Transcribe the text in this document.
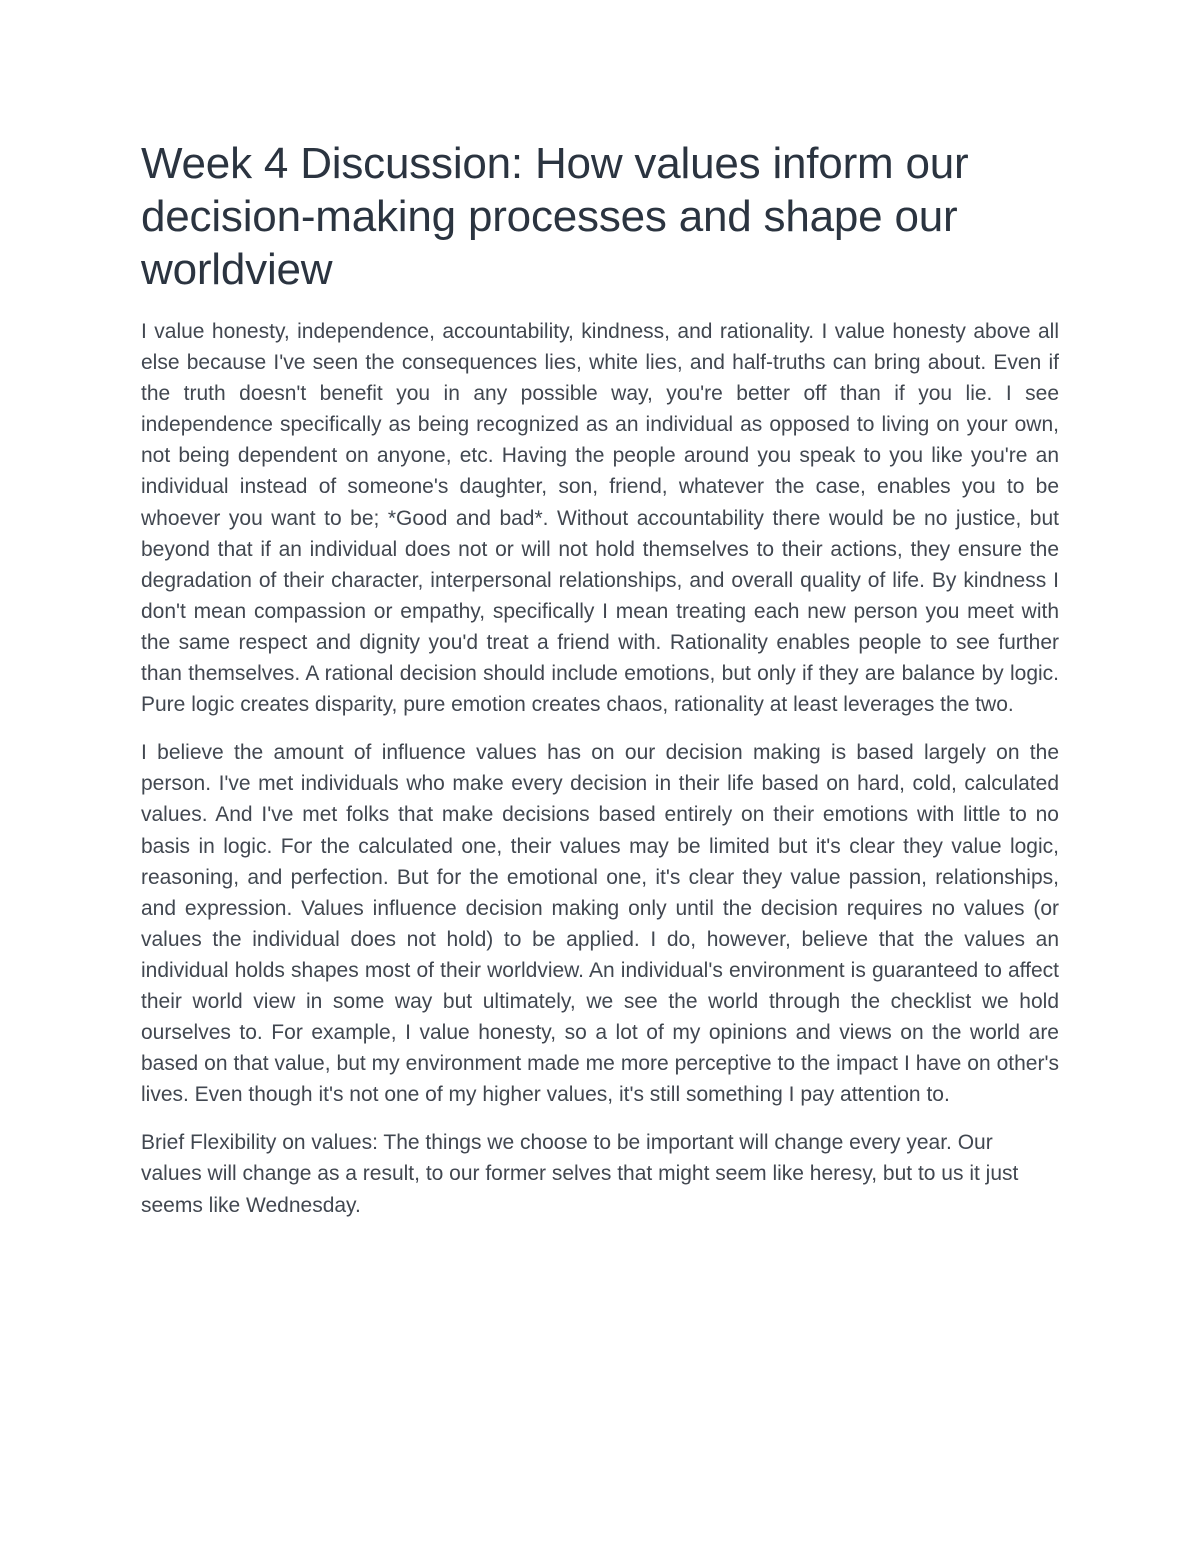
Week 4 Discussion: How values inform our decision-making processes and shape our worldview

I value honesty, independence, accountability, kindness, and rationality. I value honesty above all else because I've seen the consequences lies, white lies, and half-truths can bring about. Even if the truth doesn't benefit you in any possible way, you're better off than if you lie. I see independence specifically as being recognized as an individual as opposed to living on your own, not being dependent on anyone, etc. Having the people around you speak to you like you're an individual instead of someone's daughter, son, friend, whatever the case, enables you to be whoever you want to be; *Good and bad*. Without accountability there would be no justice, but beyond that if an individual does not or will not hold themselves to their actions, they ensure the degradation of their character, interpersonal relationships, and overall quality of life. By kindness I don't mean compassion or empathy, specifically I mean treating each new person you meet with the same respect and dignity you'd treat a friend with. Rationality enables people to see further than themselves. A rational decision should include emotions, but only if they are balance by logic. Pure logic creates disparity, pure emotion creates chaos, rationality at least leverages the two.

I believe the amount of influence values has on our decision making is based largely on the person. I've met individuals who make every decision in their life based on hard, cold, calculated values. And I've met folks that make decisions based entirely on their emotions with little to no basis in logic. For the calculated one, their values may be limited but it's clear they value logic, reasoning, and perfection. But for the emotional one, it's clear they value passion, relationships, and expression. Values influence decision making only until the decision requires no values (or values the individual does not hold) to be applied. I do, however, believe that the values an individual holds shapes most of their worldview. An individual's environment is guaranteed to affect their world view in some way but ultimately, we see the world through the checklist we hold ourselves to. For example, I value honesty, so a lot of my opinions and views on the world are based on that value, but my environment made me more perceptive to the impact I have on other's lives. Even though it's not one of my higher values, it's still something I pay attention to.

Brief Flexibility on values: The things we choose to be important will change every year. Our values will change as a result, to our former selves that might seem like heresy, but to us it just seems like Wednesday.
